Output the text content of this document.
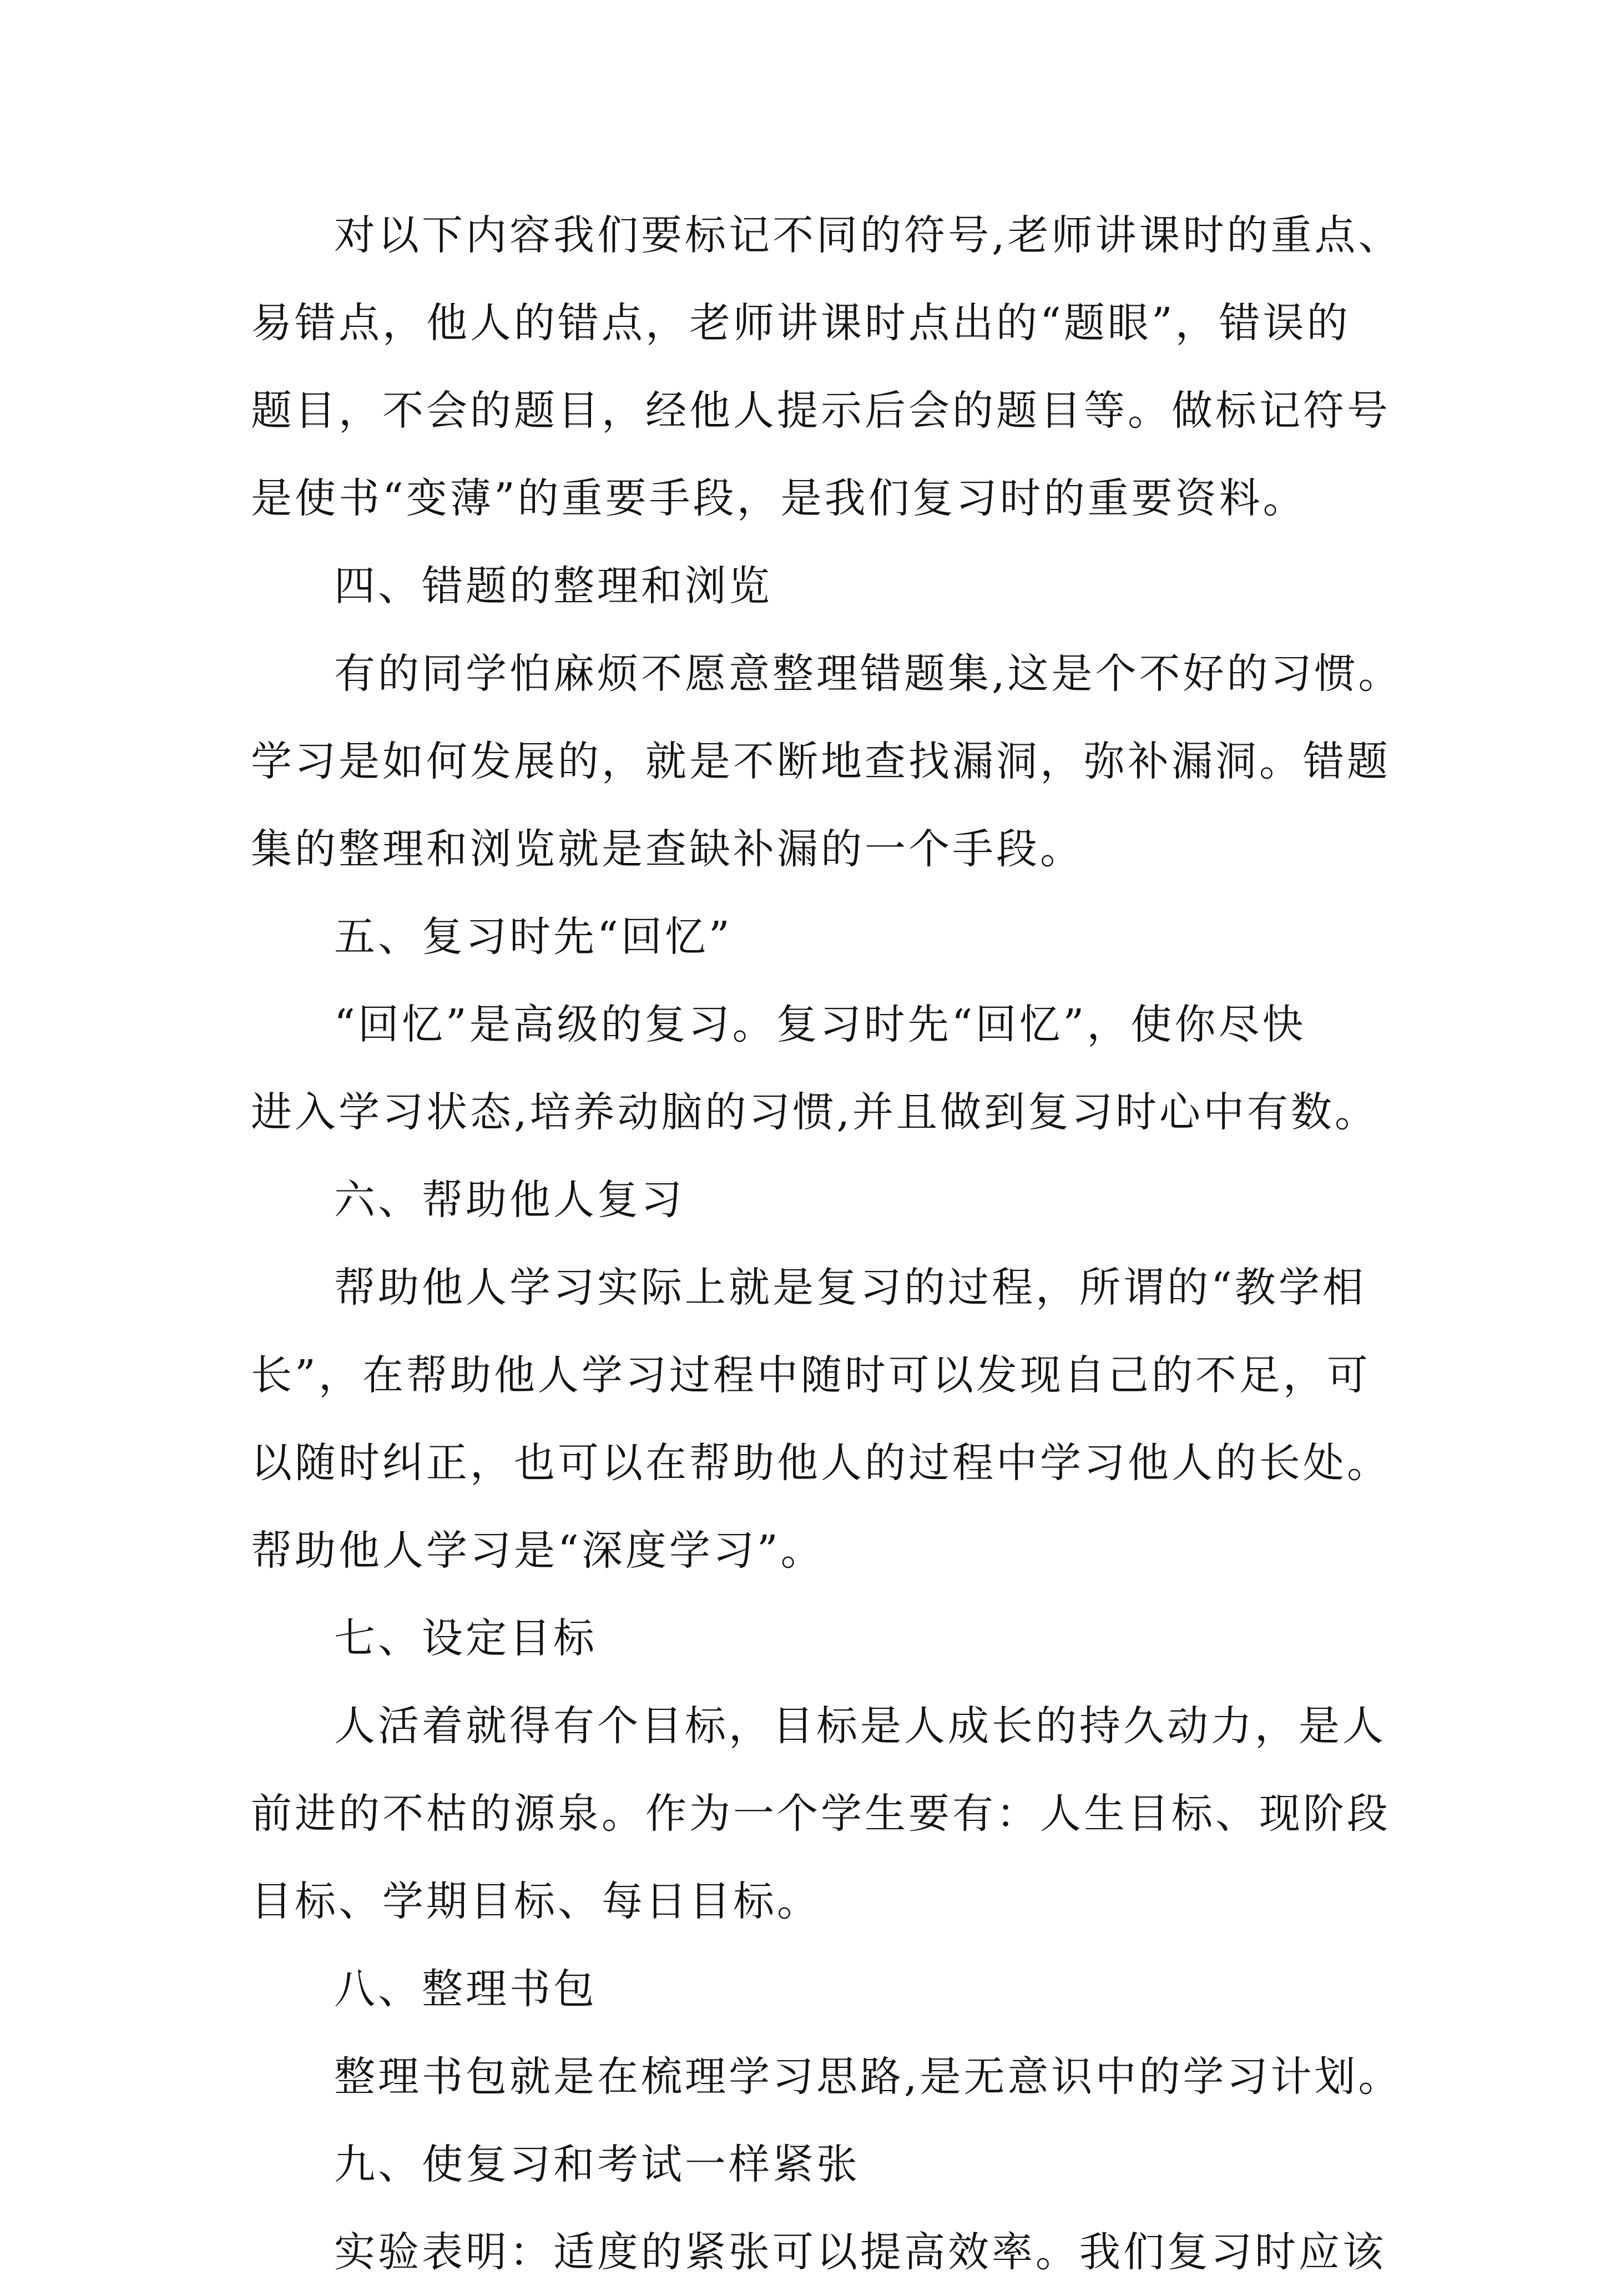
对以下内容我们要标记不同的符号,老师讲课时的重点、
易错点，他人的错点，老师讲课时点出的“题眼”，错误的
题目，不会的题目，经他人提示后会的题目等。做标记符号
是使书“变薄”的重要手段，是我们复习时的重要资料。
四、错题的整理和浏览
有的同学怕麻烦不愿意整理错题集,这是个不好的习惯。
学习是如何发展的，就是不断地查找漏洞，弥补漏洞。错题
集的整理和浏览就是查缺补漏的一个手段。
五、复习时先“回忆”
“回忆”是高级的复习。复习时先“回忆”，使你尽快
进入学习状态,培养动脑的习惯,并且做到复习时心中有数。
六、帮助他人复习
帮助他人学习实际上就是复习的过程，所谓的“教学相
长”，在帮助他人学习过程中随时可以发现自己的不足，可
以随时纠正，也可以在帮助他人的过程中学习他人的长处。
帮助他人学习是“深度学习”。
七、设定目标
人活着就得有个目标，目标是人成长的持久动力，是人
前进的不枯的源泉。作为一个学生要有：人生目标、现阶段
目标、学期目标、每日目标。
八、整理书包
整理书包就是在梳理学习思路,是无意识中的学习计划。
九、使复习和考试一样紧张
实验表明：适度的紧张可以提高效率。我们复习时应该
